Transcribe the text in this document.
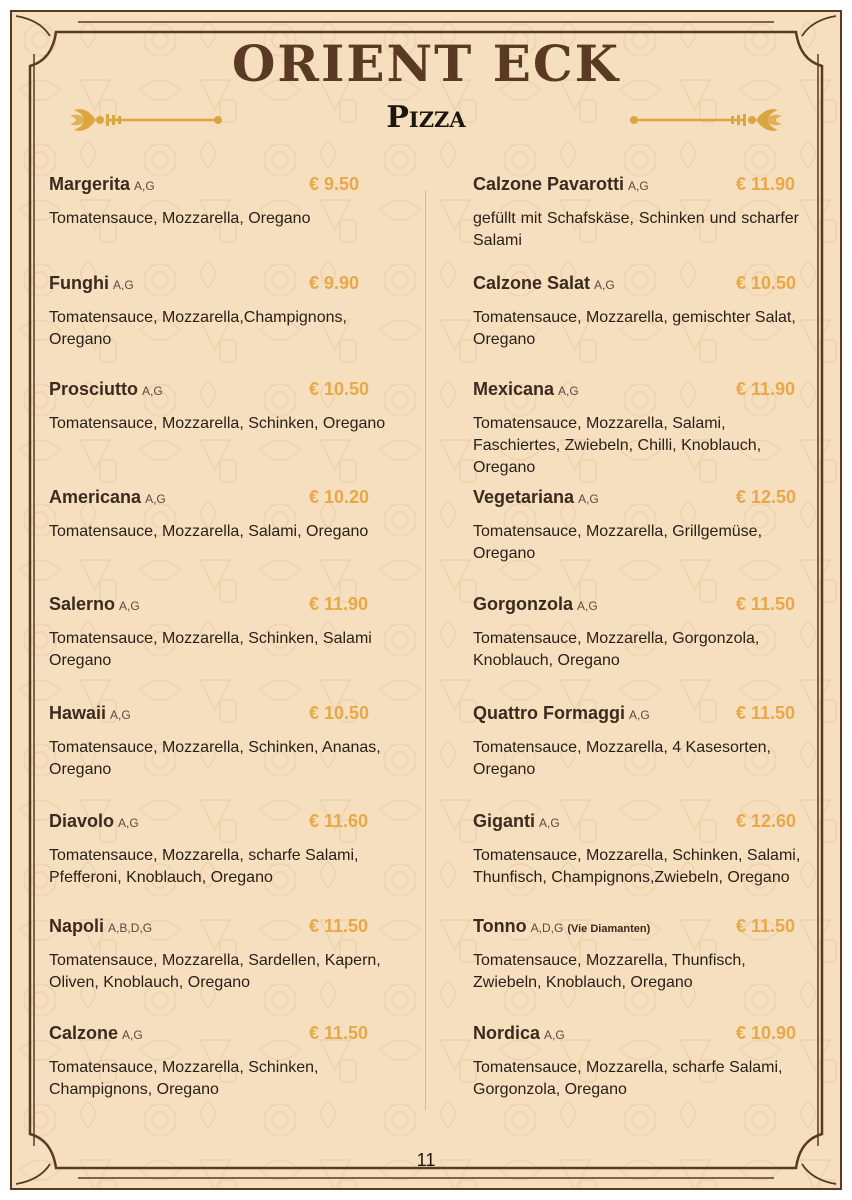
ORIENT ECK
Pizza
Margerita A,G	€ 9.50
Tomatensauce, Mozzarella, Oregano
Funghi A,G	€ 9.90
Tomatensauce, Mozzarella,Champignons, Oregano
Prosciutto A,G	€ 10.50
Tomatensauce, Mozzarella, Schinken, Oregano
Americana A,G	€ 10.20
Tomatensauce, Mozzarella, Salami, Oregano
Salerno A,G	€ 11.90
Tomatensauce, Mozzarella, Schinken, Salami Oregano
Hawaii A,G	€ 10.50
Tomatensauce, Mozzarella, Schinken, Ananas, Oregano
Diavolo A,G	€ 11.60
Tomatensauce, Mozzarella, scharfe Salami, Pfefferoni, Knoblauch, Oregano
Napoli A,B,D,G	€ 11.50
Tomatensauce, Mozzarella, Sardellen, Kapern, Oliven, Knoblauch, Oregano
Calzone A,G	€ 11.50
Tomatensauce, Mozzarella, Schinken, Champignons, Oregano
Calzone Pavarotti A,G	€ 11.90
gefüllt mit Schafskäse, Schinken und scharfer Salami
Calzone Salat A,G	€ 10.50
Tomatensauce, Mozzarella, gemischter Salat, Oregano
Mexicana A,G	€ 11.90
Tomatensauce, Mozzarella, Salami, Faschiertes, Zwiebeln, Chilli, Knoblauch, Oregano
Vegetariana A,G	€ 12.50
Tomatensauce, Mozzarella, Grillgemüse, Oregano
Gorgonzola A,G	€ 11.50
Tomatensauce, Mozzarella, Gorgonzola, Knoblauch, Oregano
Quattro Formaggi A,G	€ 11.50
Tomatensauce, Mozzarella, 4 Kasesorten, Oregano
Giganti A,G	€ 12.60
Tomatensauce, Mozzarella, Schinken, Salami, Thunfisch, Champignons,Zwiebeln, Oregano
Tonno A,D,G (Vie Diamanten)	€ 11.50
Tomatensauce, Mozzarella, Thunfisch, Zwiebeln, Knoblauch, Oregano
Nordica A,G	€ 10.90
Tomatensauce, Mozzarella, scharfe Salami, Gorgonzola, Oregano
11
